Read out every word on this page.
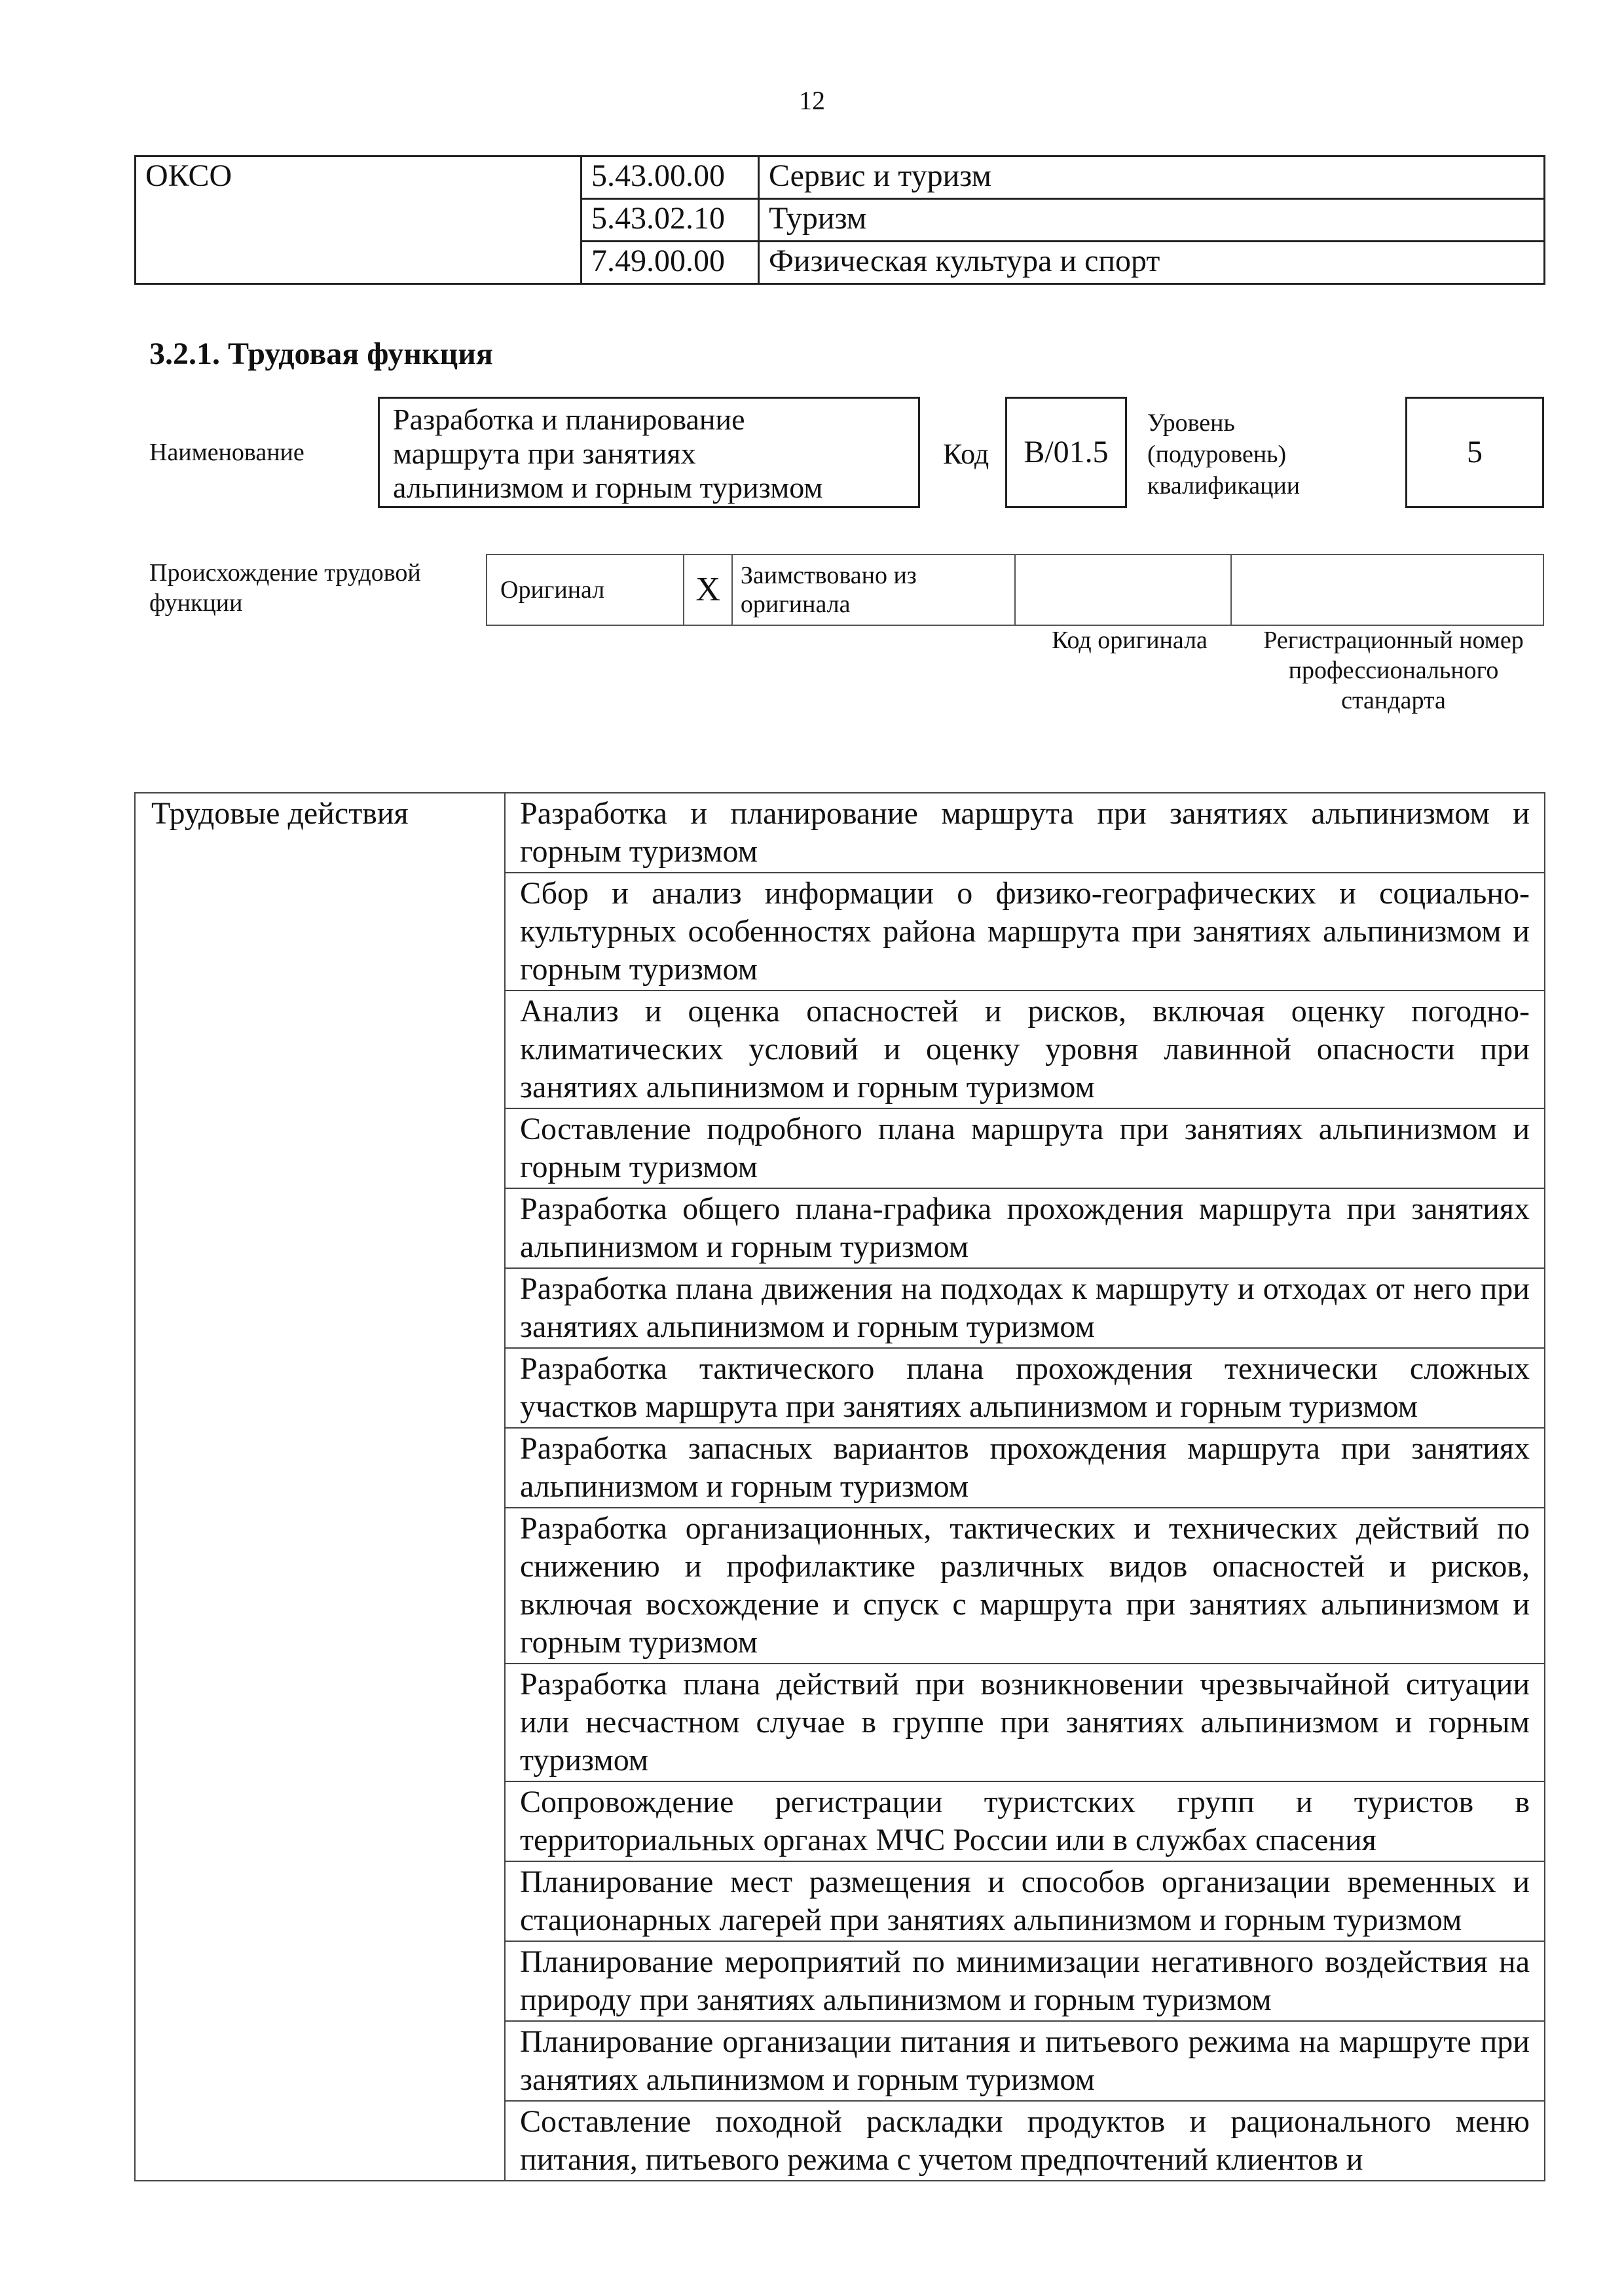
12
ОКСО	5.43.00.00	Сервис и туризм
	5.43.02.10	Туризм
	7.49.00.00	Физическая культура и спорт
3.2.1. Трудовая функция
Наименование
Разработка и планирование
маршрута при занятиях
альпинизмом и горным туризмом
Код	B/01.5
Уровень
(подуровень)
квалификации
5
Происхождение трудовой
функции	Оригинал	X	Заимствовано из
оригинала

Код оригинала	Регистрационный номер
профессионального
стандарта
Трудовые действия	Разработка и планирование маршрута при занятиях альпинизмом и горным туризмом
Сбор и анализ информации о физико-географических и социально-культурных особенностях района маршрута при занятиях альпинизмом и горным туризмом
Анализ и оценка опасностей и рисков, включая оценку погодно-климатических условий и оценку уровня лавинной опасности при занятиях альпинизмом и горным туризмом
Составление подробного плана маршрута при занятиях альпинизмом и горным туризмом
Разработка общего плана-графика прохождения маршрута при занятиях альпинизмом и горным туризмом
Разработка плана движения на подходах к маршруту и отходах от него при занятиях альпинизмом и горным туризмом
Разработка тактического плана прохождения технически сложных участков маршрута при занятиях альпинизмом и горным туризмом
Разработка запасных вариантов прохождения маршрута при занятиях альпинизмом и горным туризмом
Разработка организационных, тактических и технических действий по снижению и профилактике различных видов опасностей и рисков, включая восхождение и спуск с маршрута при занятиях альпинизмом и горным туризмом
Разработка плана действий при возникновении чрезвычайной ситуации или несчастном случае в группе при занятиях альпинизмом и горным туризмом
Сопровождение регистрации туристских групп и туристов в территориальных органах МЧС России или в службах спасения
Планирование мест размещения и способов организации временных и стационарных лагерей при занятиях альпинизмом и горным туризмом
Планирование мероприятий по минимизации негативного воздействия на природу при занятиях альпинизмом и горным туризмом
Планирование организации питания и питьевого режима на маршруте при занятиях альпинизмом и горным туризмом
Составление походной раскладки продуктов и рационального меню питания, питьевого режима с учетом предпочтений клиентов и
